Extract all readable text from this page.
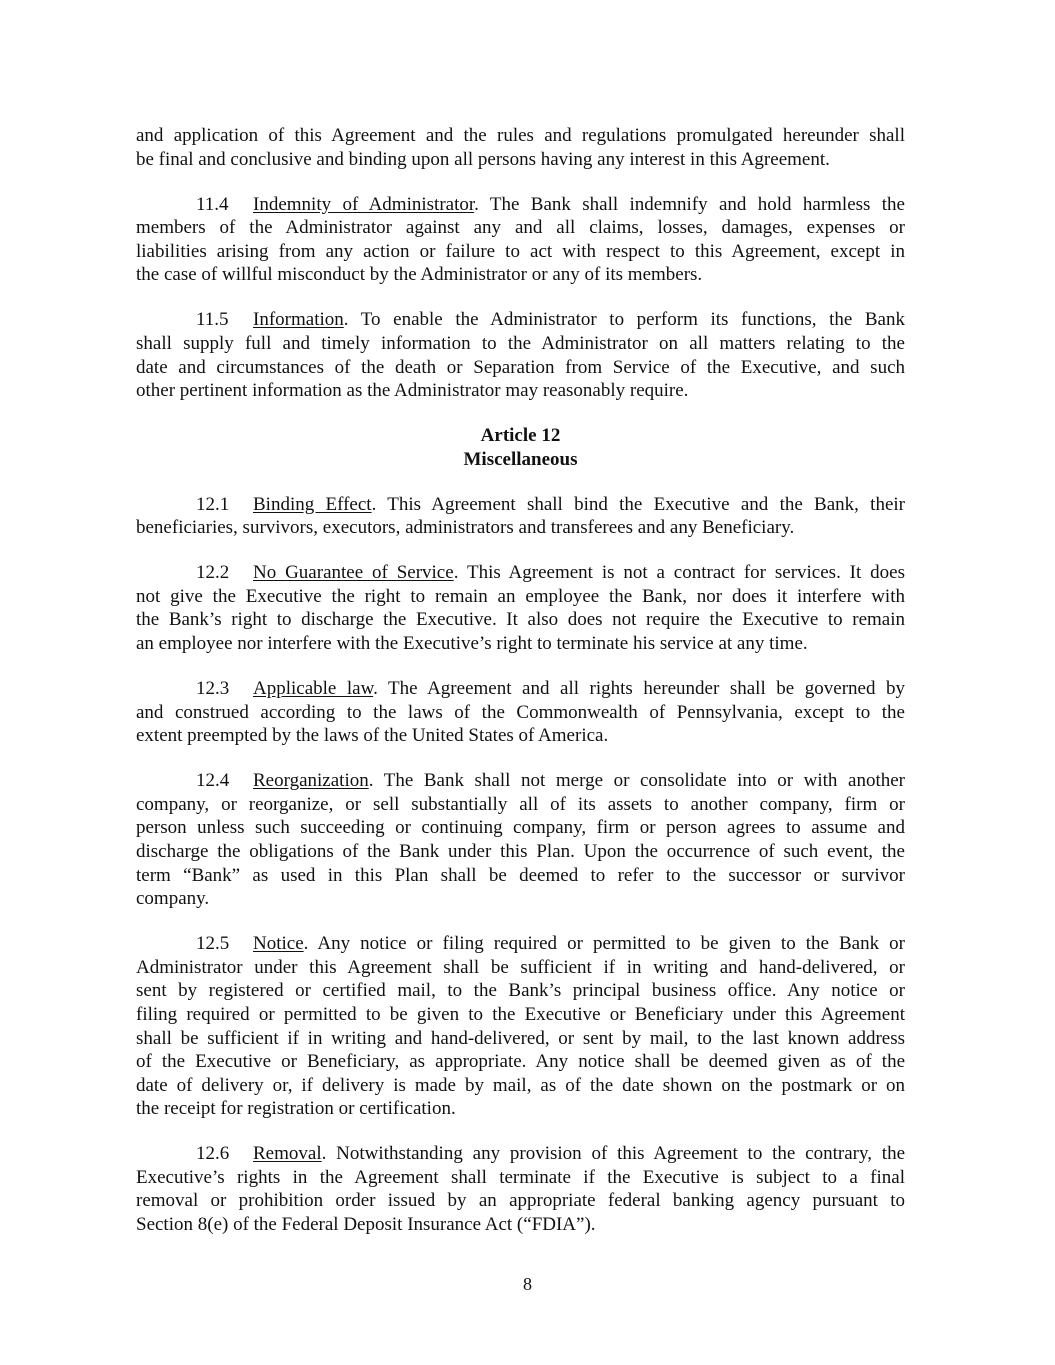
and application of this Agreement and the rules and regulations promulgated hereunder shall
be final and conclusive and binding upon all persons having any interest in this Agreement.
11.4 Indemnity of Administrator. The Bank shall indemnify and hold harmless the
members of the Administrator against any and all claims, losses, damages, expenses or
liabilities arising from any action or failure to act with respect to this Agreement, except in
the case of willful misconduct by the Administrator or any of its members.
11.5 Information. To enable the Administrator to perform its functions, the Bank
shall supply full and timely information to the Administrator on all matters relating to the
date and circumstances of the death or Separation from Service of the Executive, and such
other pertinent information as the Administrator may reasonably require.
Article 12
Miscellaneous
12.1 Binding Effect. This Agreement shall bind the Executive and the Bank, their
beneficiaries, survivors, executors, administrators and transferees and any Beneficiary.
12.2 No Guarantee of Service. This Agreement is not a contract for services. It does
not give the Executive the right to remain an employee the Bank, nor does it interfere with
the Bank’s right to discharge the Executive. It also does not require the Executive to remain
an employee nor interfere with the Executive’s right to terminate his service at any time.
12.3 Applicable law. The Agreement and all rights hereunder shall be governed by
and construed according to the laws of the Commonwealth of Pennsylvania, except to the
extent preempted by the laws of the United States of America.
12.4 Reorganization. The Bank shall not merge or consolidate into or with another
company, or reorganize, or sell substantially all of its assets to another company, firm or
person unless such succeeding or continuing company, firm or person agrees to assume and
discharge the obligations of the Bank under this Plan. Upon the occurrence of such event, the
term “Bank” as used in this Plan shall be deemed to refer to the successor or survivor
company.
12.5 Notice. Any notice or filing required or permitted to be given to the Bank or
Administrator under this Agreement shall be sufficient if in writing and hand-delivered, or
sent by registered or certified mail, to the Bank’s principal business office. Any notice or
filing required or permitted to be given to the Executive or Beneficiary under this Agreement
shall be sufficient if in writing and hand-delivered, or sent by mail, to the last known address
of the Executive or Beneficiary, as appropriate. Any notice shall be deemed given as of the
date of delivery or, if delivery is made by mail, as of the date shown on the postmark or on
the receipt for registration or certification.
12.6 Removal. Notwithstanding any provision of this Agreement to the contrary, the
Executive’s rights in the Agreement shall terminate if the Executive is subject to a final
removal or prohibition order issued by an appropriate federal banking agency pursuant to
Section 8(e) of the Federal Deposit Insurance Act (“FDIA”).
8
